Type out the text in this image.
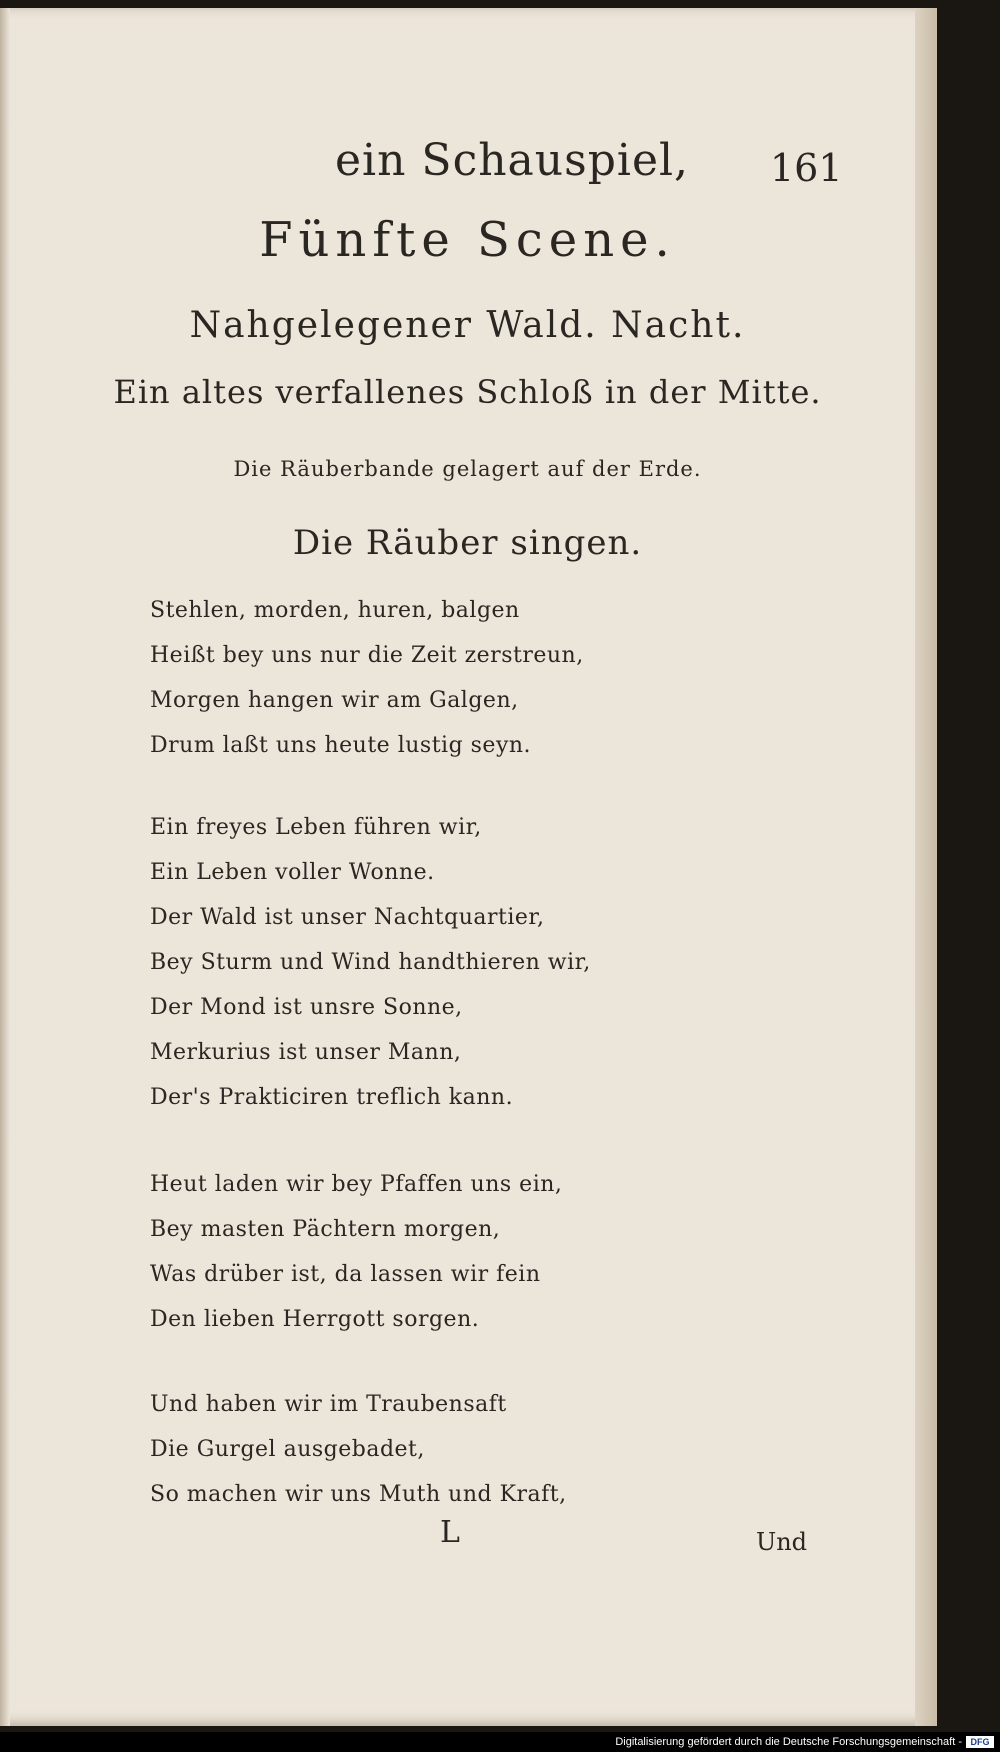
ein Schauspiel, 161
Fünfte Scene.
Nahgelegener Wald. Nacht.
Ein altes verfallenes Schloß in der Mitte.
Die Räuberbande gelagert auf der Erde.
Die Räuber singen.
Stehlen, morden, huren, balgen
Heißt bey uns nur die Zeit zerstreun,
Morgen hangen wir am Galgen,
Drum laßt uns heute lustig seyn.
Ein freyes Leben führen wir,
Ein Leben voller Wonne.
Der Wald ist unser Nachtquartier,
Bey Sturm und Wind handthieren wir,
Der Mond ist unsre Sonne,
Merkurius ist unser Mann,
Der's Prakticiren treflich kann.
Heut laden wir bey Pfaffen uns ein,
Bey masten Pächtern morgen,
Was drüber ist, da lassen wir fein
Den lieben Herrgott sorgen.
Und haben wir im Traubensaft
Die Gurgel ausgebadet,
So machen wir uns Muth und Kraft,
L	Und
Digitalisierung gefördert durch die Deutsche Forschungsgemeinschaft - DFG
